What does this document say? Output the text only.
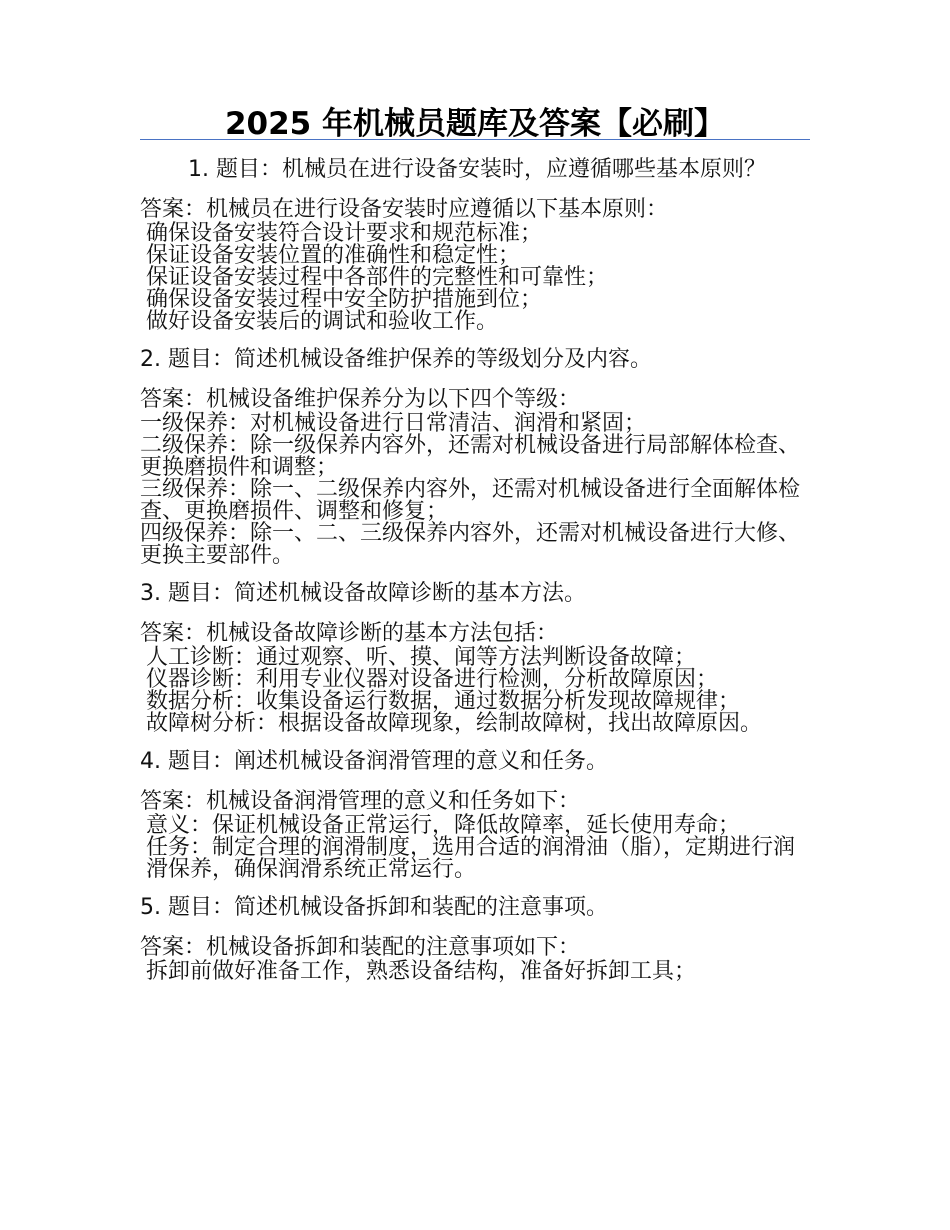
2025 年机械员题库及答案【必刷】

1. 题目：机械员在进行设备安装时，应遵循哪些基本原则？

答案：机械员在进行设备安装时应遵循以下基本原则：

确保设备安装符合设计要求和规范标准；

保证设备安装位置的准确性和稳定性；

保证设备安装过程中各部件的完整性和可靠性；

确保设备安装过程中安全防护措施到位；

做好设备安装后的调试和验收工作。

2. 题目：简述机械设备维护保养的等级划分及内容。

答案：机械设备维护保养分为以下四个等级：

一级保养：对机械设备进行日常清洁、润滑和紧固；

二级保养：除一级保养内容外，还需对机械设备进行局部解体检查、更换磨损件和调整；

三级保养：除一、二级保养内容外，还需对机械设备进行全面解体检查、更换磨损件、调整和修复；

四级保养：除一、二、三级保养内容外，还需对机械设备进行大修、更换主要部件。

3. 题目：简述机械设备故障诊断的基本方法。

答案：机械设备故障诊断的基本方法包括：

人工诊断：通过观察、听、摸、闻等方法判断设备故障；

仪器诊断：利用专业仪器对设备进行检测，分析故障原因；

数据分析：收集设备运行数据，通过数据分析发现故障规律；

故障树分析：根据设备故障现象，绘制故障树，找出故障原因。

4. 题目：阐述机械设备润滑管理的意义和任务。

答案：机械设备润滑管理的意义和任务如下：

意义：保证机械设备正常运行，降低故障率，延长使用寿命；

任务：制定合理的润滑制度，选用合适的润滑油（脂），定期进行润滑保养，确保润滑系统正常运行。

5. 题目：简述机械设备拆卸和装配的注意事项。

答案：机械设备拆卸和装配的注意事项如下：

拆卸前做好准备工作，熟悉设备结构，准备好拆卸工具；
